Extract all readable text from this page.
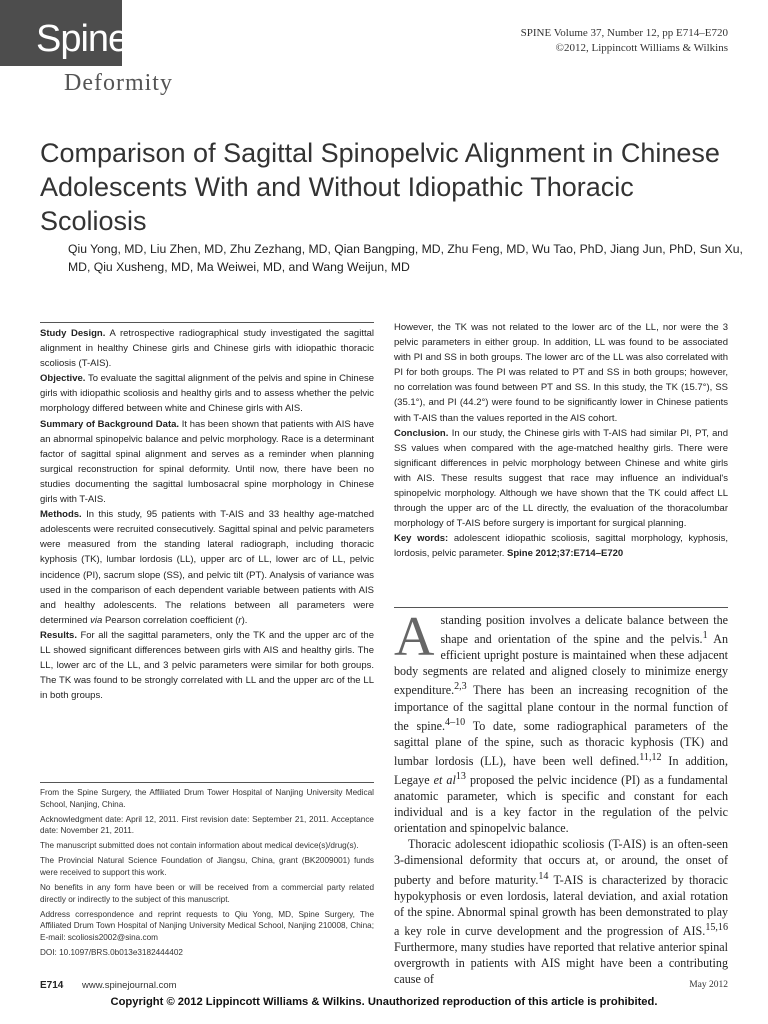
Spine	SPINE Volume 37, Number 12, pp E714–E720
©2012, Lippincott Williams & Wilkins
Deformity
Comparison of Sagittal Spinopelvic Alignment in Chinese Adolescents With and Without Idiopathic Thoracic Scoliosis
Qiu Yong, MD, Liu Zhen, MD, Zhu Zezhang, MD, Qian Bangping, MD, Zhu Feng, MD, Wu Tao, PhD, Jiang Jun, PhD, Sun Xu, MD, Qiu Xusheng, MD, Ma Weiwei, MD, and Wang Weijun, MD

Study Design. A retrospective radiographical study investigated the sagittal alignment in healthy Chinese girls and Chinese girls with idiopathic thoracic scoliosis (T-AIS).

Objective. To evaluate the sagittal alignment of the pelvis and spine in Chinese girls with idiopathic scoliosis and healthy girls and to assess whether the pelvic morphology differed between white and Chinese girls with AIS.

Summary of Background Data. It has been shown that patients with AIS have an abnormal spinopelvic balance and pelvic morphology. Race is a determinant factor of sagittal spinal alignment and serves as a reminder when planning surgical reconstruction for spinal deformity. Until now, there have been no studies documenting the sagittal lumbosacral spine morphology in Chinese girls with T-AIS.

Methods. In this study, 95 patients with T-AIS and 33 healthy age-matched adolescents were recruited consecutively. Sagittal spinal and pelvic parameters were measured from the standing lateral radiograph, including thoracic kyphosis (TK), lumbar lordosis (LL), upper arc of LL, lower arc of LL, pelvic incidence (PI), sacrum slope (SS), and pelvic tilt (PT). Analysis of variance was used in the comparison of each dependent variable between patients with AIS and healthy adolescents. The relations between all parameters were determined via Pearson correlation coefficient (r).

Results. For all the sagittal parameters, only the TK and the upper arc of the LL showed significant differences between girls with AIS and healthy girls. The LL, lower arc of the LL, and 3 pelvic parameters were similar for both groups. The TK was found to be strongly correlated with LL and the upper arc of the LL in both groups.

However, the TK was not related to the lower arc of the LL, nor were the 3 pelvic parameters in either group. In addition, LL was found to be associated with PI and SS in both groups. The lower arc of the LL was also correlated with PI for both groups. The PI was related to PT and SS in both groups; however, no correlation was found between PT and SS. In this study, the TK (15.7°), SS (35.1°), and PI (44.2°) were found to be significantly lower in Chinese patients with T-AIS than the values reported in the AIS cohort.

Conclusion. In our study, the Chinese girls with T-AIS had similar PI, PT, and SS values when compared with the age-matched healthy girls. There were significant differences in pelvic morphology between Chinese and white girls with AIS. These results suggest that race may influence an individual's spinopelvic morphology. Although we have shown that the TK could affect LL through the upper arc of the LL directly, the evaluation of the thoracolumbar morphology of T-AIS before surgery is important for surgical planning.

Key words: adolescent idiopathic scoliosis, sagittal morphology, kyphosis, lordosis, pelvic parameter. Spine 2012;37:E714–E720

Astanding position involves a delicate balance between the shape and orientation of the spine and the pelvis.$^1$ An efficient upright posture is maintained when these adjacent body segments are related and aligned closely to minimize energy expenditure.$^{2,3}$ There has been an increasing recognition of the importance of the sagittal plane contour in the normal function of the spine.$^{4-10}$ To date, some radiographical parameters of the sagittal plane of the spine, such as thoracic kyphosis (TK) and lumbar lordosis (LL), have been well defined.$^{11,12}$ In addition, Legaye et $al^{13}$ proposed the pelvic incidence (PI) as a fundamental anatomic parameter, which is specific and constant for each individual and is a key factor in the regulation of the pelvic orientation and spinopelvic balance.

Thoracic adolescent idiopathic scoliosis (T-AIS) is an often-seen 3-dimensional deformity that occurs at, or around, the onset of puberty and before maturity.$^{14}$ T-AIS is characterized by thoracic hypokyphosis or even lordosis, lateral deviation, and axial rotation of the spine. Abnormal spinal growth has been demonstrated to play a key role in curve development and the progression of AIS.$^{15,16}$ Furthermore, many studies have reported that relative anterior spinal overgrowth in patients with AIS might have been a contributing cause of

From the Spine Surgery, the Affiliated Drum Tower Hospital of Nanjing University Medical School, Nanjing, China.

Acknowledgment date: April 12, 2011. First revision date: September 21, 2011. Acceptance date: November 21, 2011.

The manuscript submitted does not contain information about medical device(s)/drug(s).

The Provincial Natural Science Foundation of Jiangsu, China, grant (BK2009001) funds were received to support this work.

No benefits in any form have been or will be received from a commercial party related directly or indirectly to the subject of this manuscript.

Address correspondence and reprint requests to Qiu Yong, MD, Spine Surgery, The Affiliated Drum Town Hospital of Nanjing University Medical School, Nanjing 210008, China; E-mail: scoliosis2002@sina.com

DOI: 10.1097/BRS.0b013e3182444402

E714 www.spinejournal.com	May 2012
Copyright © 2012 Lippincott Williams & Wilkins. Unauthorized reproduction of this article is prohibited.
